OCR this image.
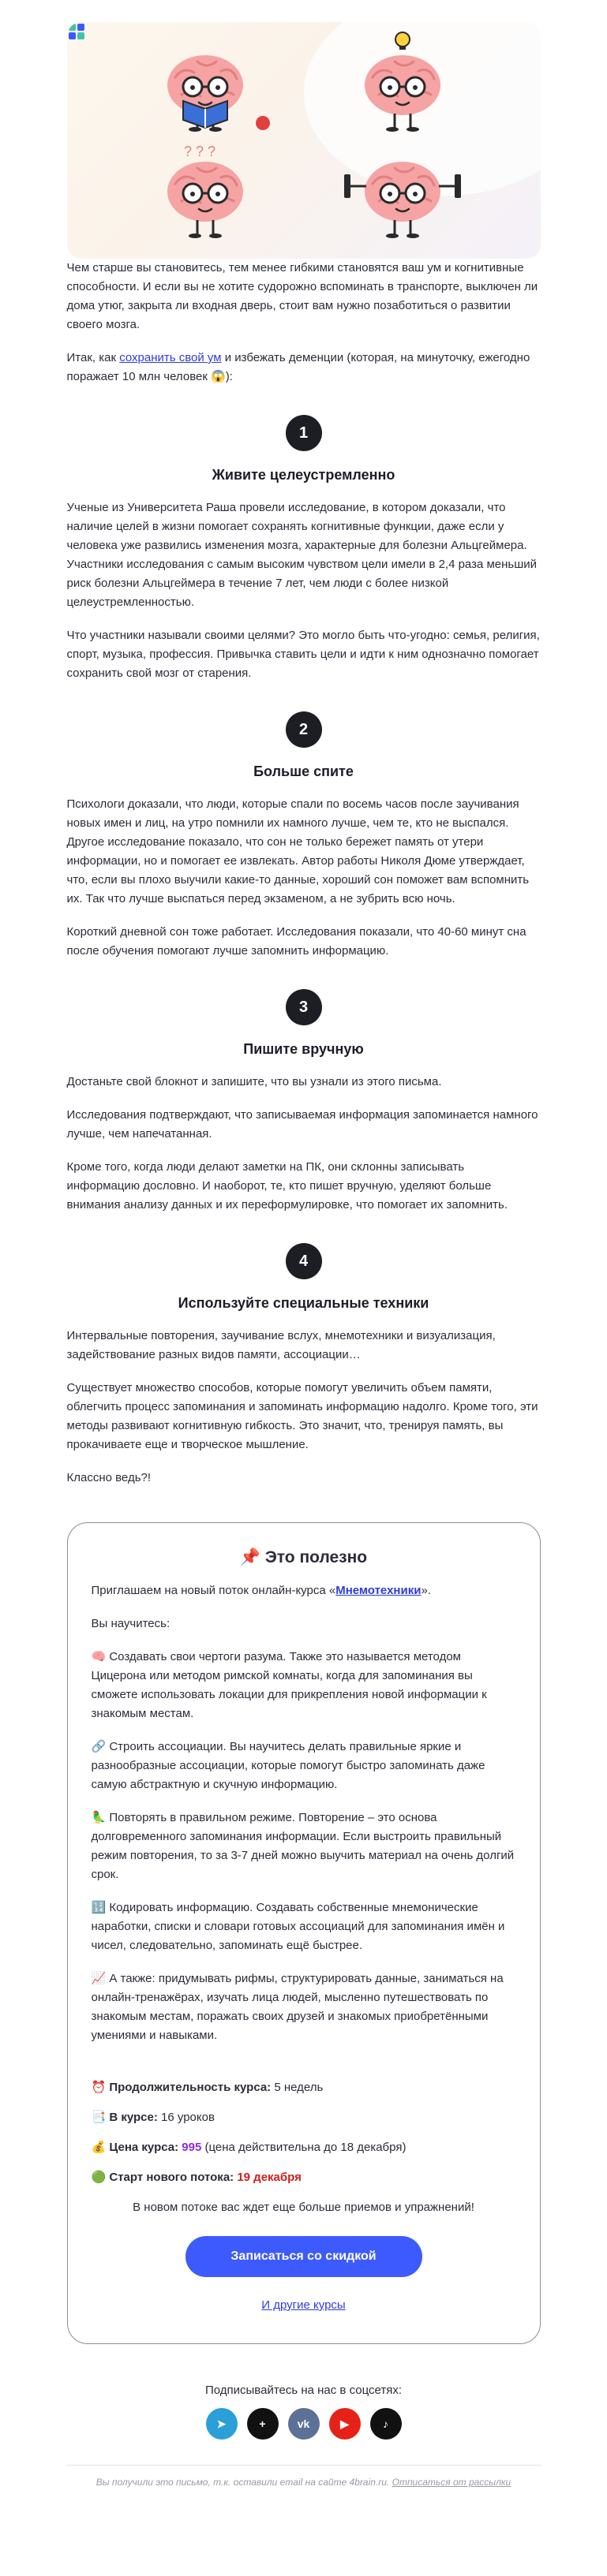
? ? ?

Чем старше вы становитесь, тем менее гибкими становятся ваш ум и когнитивные способности. И если вы не хотите судорожно вспоминать в транспорте, выключен ли дома утюг, закрыта ли входная дверь, стоит вам нужно позаботиться о развитии своего мозга.

Итак, как сохранить свой ум и избежать деменции (которая, на минуточку, ежегодно поражает 10 млн человек 😱):

1
Живите целеустремленно

Ученые из Университета Раша провели исследование, в котором доказали, что наличие целей в жизни помогает сохранять когнитивные функции, даже если у человека уже развились изменения мозга, характерные для болезни Альцгеймера. Участники исследования с самым высоким чувством цели имели в 2,4 раза меньший риск болезни Альцгеймера в течение 7 лет, чем люди с более низкой целеустремленностью.

Что участники называли своими целями? Это могло быть что-угодно: семья, религия, спорт, музыка, профессия. Привычка ставить цели и идти к ним однозначно помогает сохранить свой мозг от старения.

2
Больше спите

Психологи доказали, что люди, которые спали по восемь часов после заучивания новых имен и лиц, на утро помнили их намного лучше, чем те, кто не выспался. Другое исследование показало, что сон не только бережет память от утери информации, но и помогает ее извлекать. Автор работы Николя Дюме утверждает, что, если вы плохо выучили какие-то данные, хороший сон поможет вам вспомнить их. Так что лучше выспаться перед экзаменом, а не зубрить всю ночь.

Короткий дневной сон тоже работает. Исследования показали, что 40-60 минут сна после обучения помогают лучше запомнить информацию.

3
Пишите вручную

Достаньте свой блокнот и запишите, что вы узнали из этого письма.

Исследования подтверждают, что записываемая информация запоминается намного лучше, чем напечатанная.

Кроме того, когда люди делают заметки на ПК, они склонны записывать информацию дословно. И наоборот, те, кто пишет вручную, уделяют больше внимания анализу данных и их переформулировке, что помогает их запомнить.

4
Используйте специальные техники

Интервальные повторения, заучивание вслух, мнемотехники и визуализация, задействование разных видов памяти, ассоциации…

Существует множество способов, которые помогут увеличить объем памяти, облегчить процесс запоминания и запоминать информацию надолго. Кроме того, эти методы развивают когнитивную гибкость. Это значит, что, тренируя память, вы прокачиваете еще и творческое мышление.

Классно ведь?!

📌 Это полезно

Приглашаем на новый поток онлайн-курса «Мнемотехники».

Вы научитесь:

🧠 Создавать свои чертоги разума. Также это называется методом Цицерона или методом римской комнаты, когда для запоминания вы сможете использовать локации для прикрепления новой информации к знакомым местам.

🔗 Строить ассоциации. Вы научитесь делать правильные яркие и разнообразные ассоциации, которые помогут быстро запоминать даже самую абстрактную и скучную информацию.

🦜 Повторять в правильном режиме. Повторение – это основа долговременного запоминания информации. Если выстроить правильный режим повторения, то за 3-7 дней можно выучить материал на очень долгий срок.

🔢 Кодировать информацию. Создавать собственные мнемонические наработки, списки и словари готовых ассоциаций для запоминания имён и чисел, следовательно, запоминать ещё быстрее.

📈 А также: придумывать рифмы, структурировать данные, заниматься на онлайн-тренажёрах, изучать лица людей, мысленно путешествовать по знакомым местам, поражать своих друзей и знакомых приобретёнными умениями и навыками.

⏰ Продолжительность курса: 5 недель

📑 В курсе: 16 уроков

💰 Цена курса: 995 (цена действительна до 18 декабря)

🟢 Старт нового потока: 19 декабря

В новом потоке вас ждет еще больше приемов и упражнений!

Записаться со скидкой
И другие курсы
Подписывайтесь на нас в соцсетях:
➤	+	vk	▶	♪
Вы получили это письмо, т.к. оставили email на сайте 4brain.ru. Отписаться от рассылки
